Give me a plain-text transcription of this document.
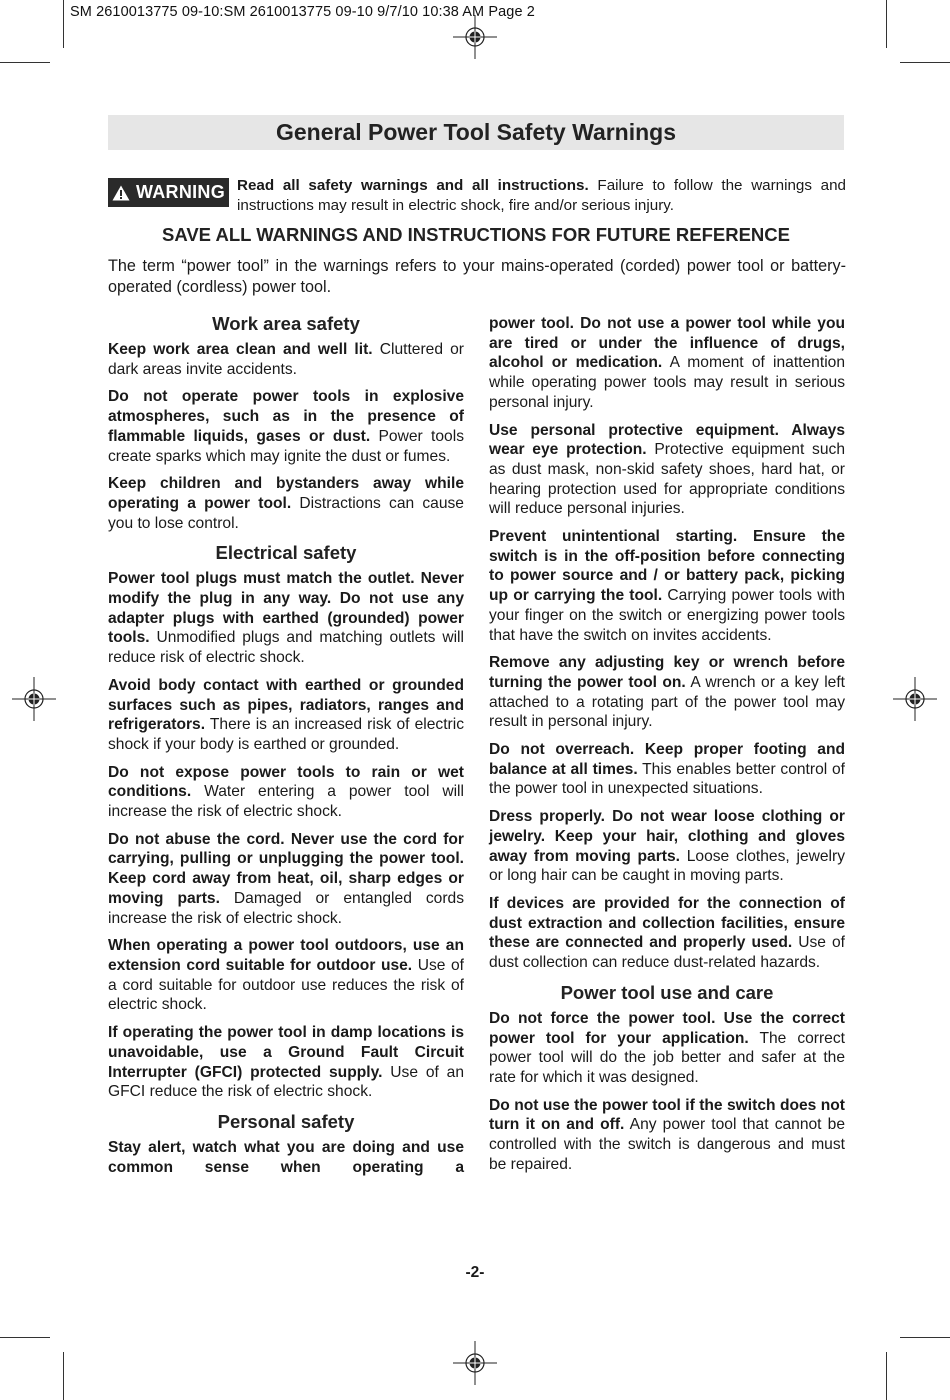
SM 2610013775 09-10:SM 2610013775 09-10 9/7/10 10:38 AM Page 2
General Power Tool Safety Warnings
WARNING Read all safety warnings and all instructions. Failure to follow the warnings and instructions may result in electric shock, fire and/or serious injury.

SAVE ALL WARNINGS AND INSTRUCTIONS FOR FUTURE REFERENCE

The term “power tool” in the warnings refers to your mains-operated (corded) power tool or battery-operated (cordless) power tool.

Work area safety

Keep work area clean and well lit. Cluttered or dark areas invite accidents.

Do not operate power tools in explosive atmospheres, such as in the presence of flammable liquids, gases or dust. Power tools create sparks which may ignite the dust or fumes.

Keep children and bystanders away while operating a power tool. Distractions can cause you to lose control.

Electrical safety

Power tool plugs must match the outlet. Never modify the plug in any way. Do not use any adapter plugs with earthed (grounded) power tools. Unmodified plugs and matching outlets will reduce risk of electric shock.

Avoid body contact with earthed or grounded surfaces such as pipes, radiators, ranges and refrigerators. There is an increased risk of electric shock if your body is earthed or grounded.

Do not expose power tools to rain or wet conditions. Water entering a power tool will increase the risk of electric shock.

Do not abuse the cord. Never use the cord for carrying, pulling or unplugging the power tool. Keep cord away from heat, oil, sharp edges or moving parts. Damaged or entangled cords increase the risk of electric shock.

When operating a power tool outdoors, use an extension cord suitable for outdoor use. Use of a cord suitable for outdoor use reduces the risk of electric shock.

If operating the power tool in damp locations is unavoidable, use a Ground Fault Circuit Interrupter (GFCI) protected supply. Use of an GFCI reduce the risk of electric shock.

Personal safety

Stay alert, watch what you are doing and use common sense when operating a

power tool. Do not use a power tool while you are tired or under the influence of drugs, alcohol or medication. A moment of inattention while operating power tools may result in serious personal injury.

Use personal protective equipment. Always wear eye protection. Protective equipment such as dust mask, non-skid safety shoes, hard hat, or hearing protection used for appropriate conditions will reduce personal injuries.

Prevent unintentional starting. Ensure the switch is in the off-position before connecting to power source and / or battery pack, picking up or carrying the tool. Carrying power tools with your finger on the switch or energizing power tools that have the switch on invites accidents.

Remove any adjusting key or wrench before turning the power tool on. A wrench or a key left attached to a rotating part of the power tool may result in personal injury.

Do not overreach. Keep proper footing and balance at all times. This enables better control of the power tool in unexpected situations.

Dress properly. Do not wear loose clothing or jewelry. Keep your hair, clothing and gloves away from moving parts. Loose clothes, jewelry or long hair can be caught in moving parts.

If devices are provided for the connection of dust extraction and collection facilities, ensure these are connected and properly used. Use of dust collection can reduce dust-related hazards.

Power tool use and care

Do not force the power tool. Use the correct power tool for your application. The correct power tool will do the job better and safer at the rate for which it was designed.

Do not use the power tool if the switch does not turn it on and off. Any power tool that cannot be controlled with the switch is dangerous and must be repaired.

-2-
